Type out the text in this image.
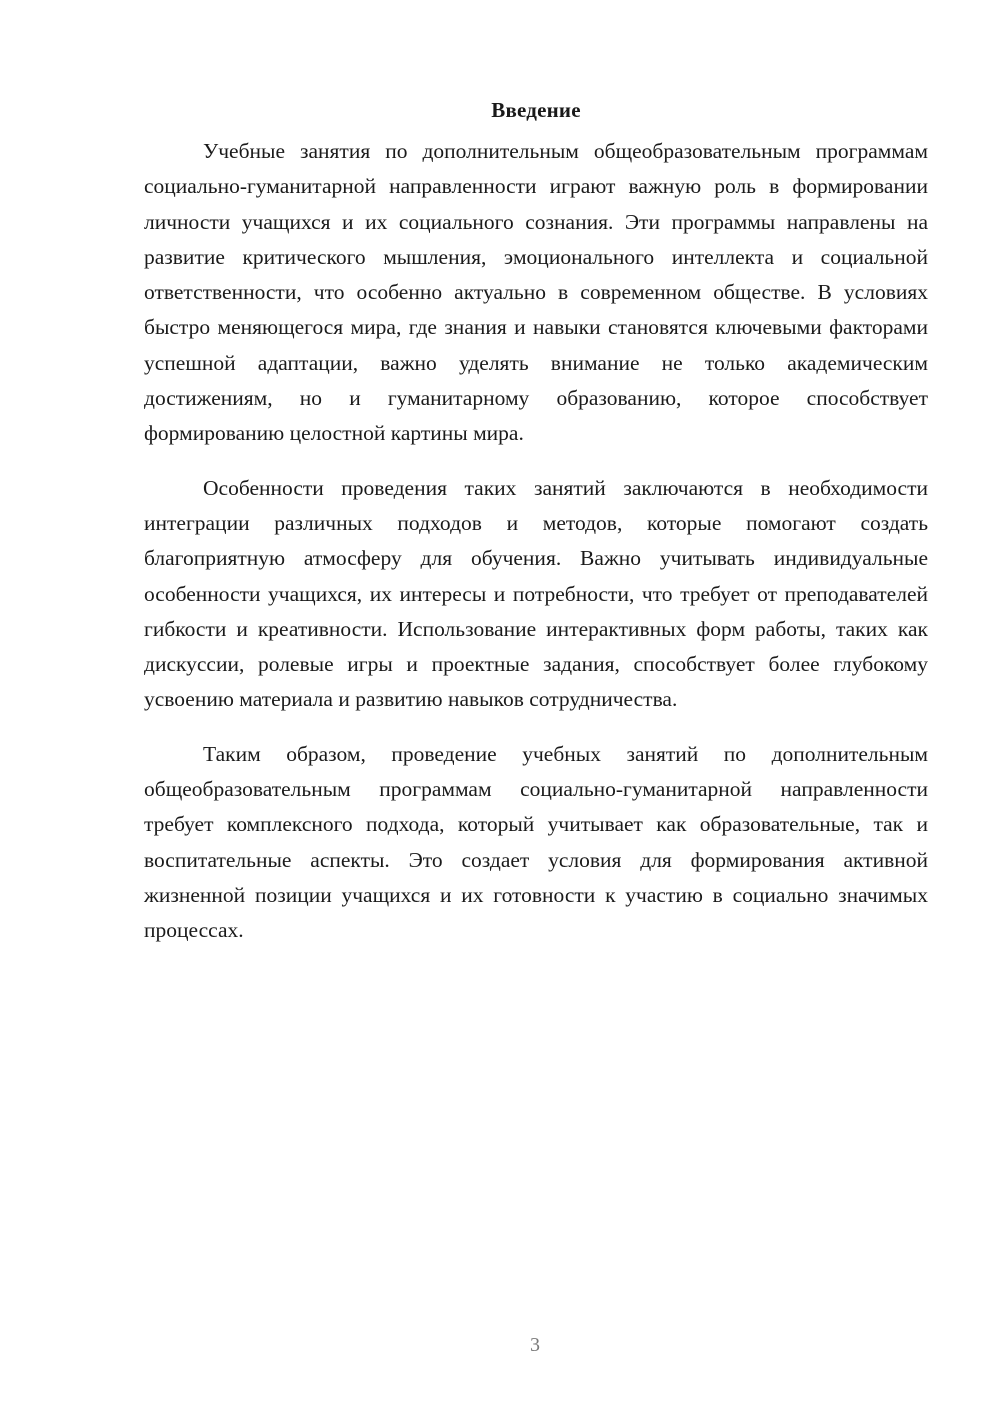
Введение

Учебные занятия по дополнительным общеобразовательным программам социально-гуманитарной направленности играют важную роль в формировании личности учащихся и их социального сознания. Эти программы направлены на развитие критического мышления, эмоционального интеллекта и социальной ответственности, что особенно актуально в современном обществе. В условиях быстро меняющегося мира, где знания и навыки становятся ключевыми факторами успешной адаптации, важно уделять внимание не только академическим достижениям, но и гуманитарному образованию, которое способствует формированию целостной картины мира.

Особенности проведения таких занятий заключаются в необходимости интеграции различных подходов и методов, которые помогают создать благоприятную атмосферу для обучения. Важно учитывать индивидуальные особенности учащихся, их интересы и потребности, что требует от преподавателей гибкости и креативности. Использование интерактивных форм работы, таких как дискуссии, ролевые игры и проектные задания, способствует более глубокому усвоению материала и развитию навыков сотрудничества.

Таким образом, проведение учебных занятий по дополнительным общеобразовательным программам социально-гуманитарной направленности требует комплексного подхода, который учитывает как образовательные, так и воспитательные аспекты. Это создает условия для формирования активной жизненной позиции учащихся и их готовности к участию в социально значимых процессах.

3
